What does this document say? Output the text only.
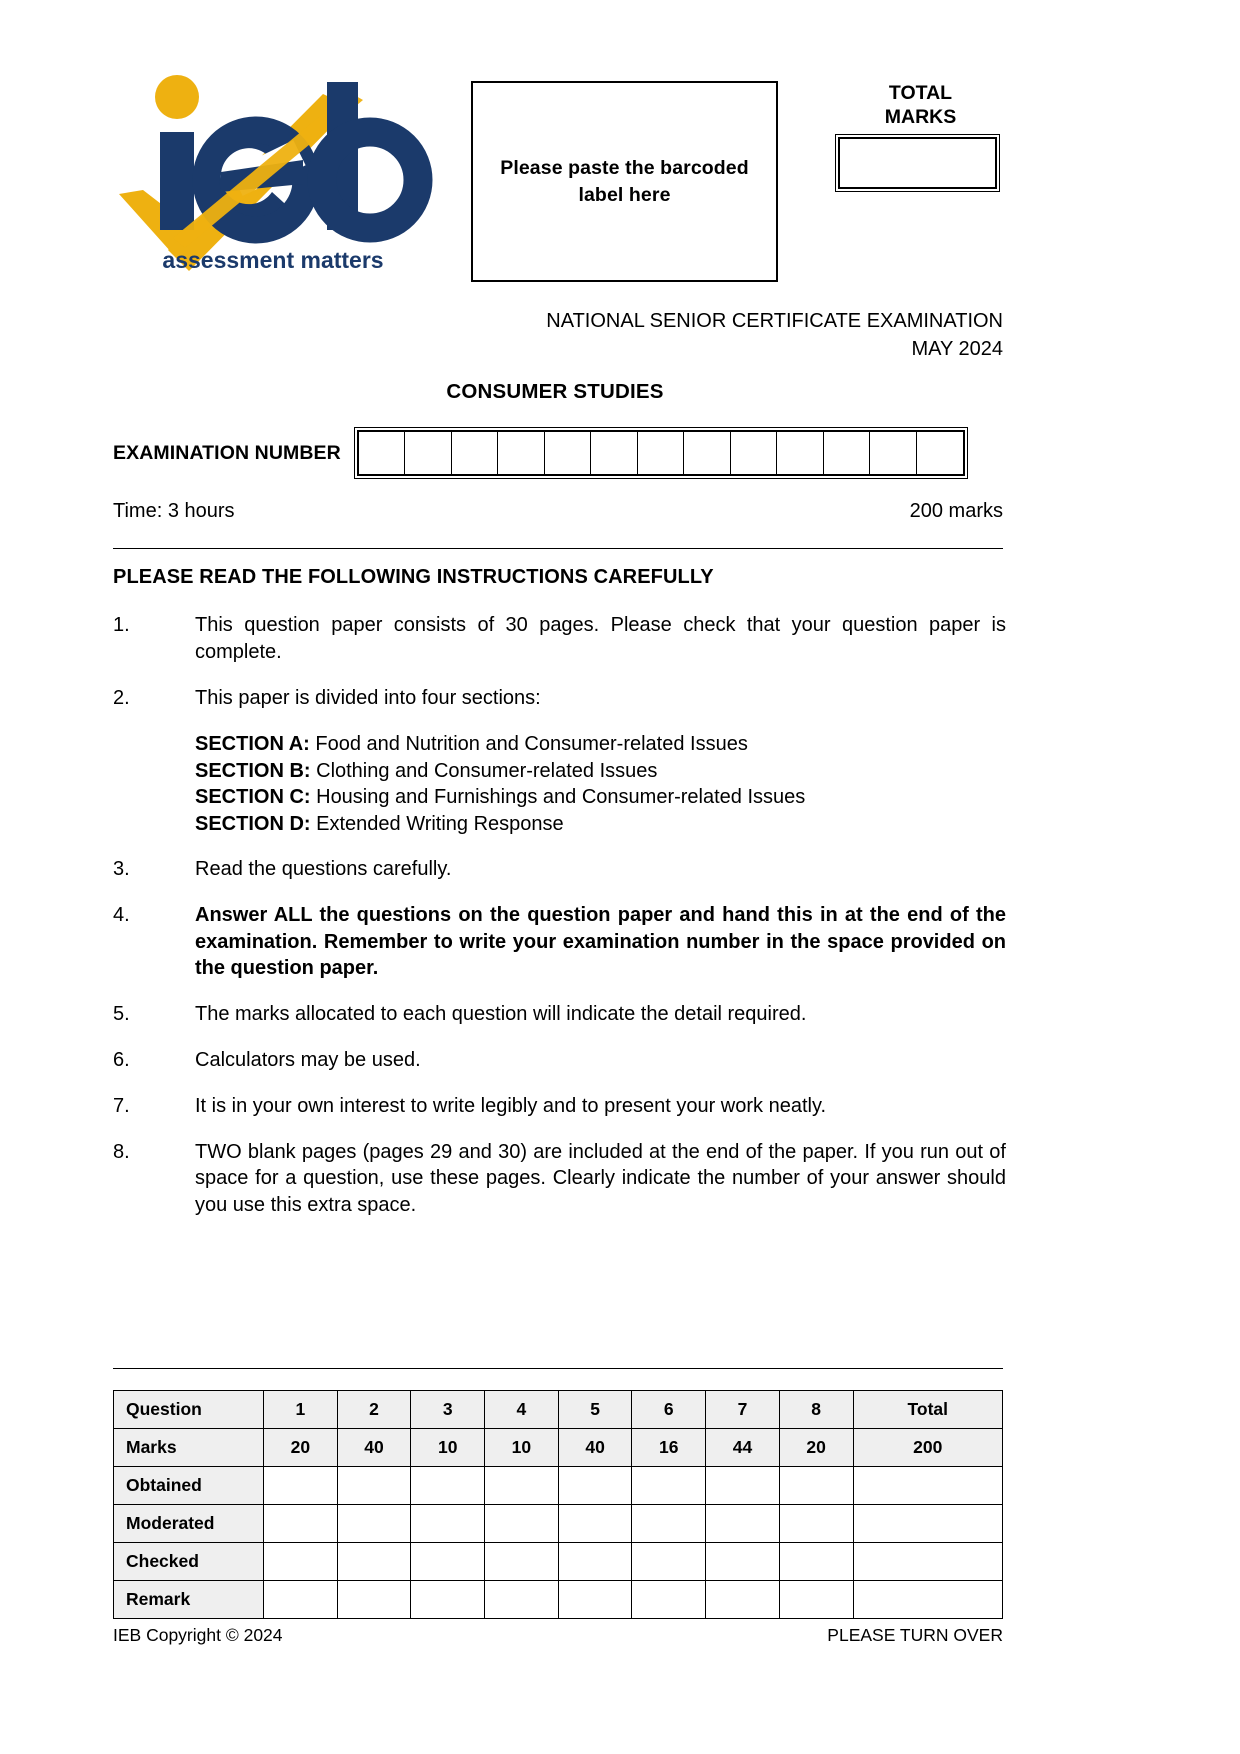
assessment matters
Please paste the barcoded
label here
TOTAL
MARKS
NATIONAL SENIOR CERTIFICATE EXAMINATION
MAY 2024
CONSUMER STUDIES
EXAMINATION NUMBER
Time: 3 hours	200 marks
PLEASE READ THE FOLLOWING INSTRUCTIONS CAREFULLY
1.	This question paper consists of 30 pages. Please check that your question paper is complete.
2.	This paper is divided into four sections:
SECTION A: Food and Nutrition and Consumer-related Issues
SECTION B: Clothing and Consumer-related Issues
SECTION C: Housing and Furnishings and Consumer-related Issues
SECTION D: Extended Writing Response
3.	Read the questions carefully.
4.	Answer ALL the questions on the question paper and hand this in at the end of the examination. Remember to write your examination number in the space provided on the question paper.
5.	The marks allocated to each question will indicate the detail required.
6.	Calculators may be used.
7.	It is in your own interest to write legibly and to present your work neatly.
8.	TWO blank pages (pages 29 and 30) are included at the end of the paper. If you run out of space for a question, use these pages. Clearly indicate the number of your answer should you use this extra space.
Question	1	2	3	4	5	6	7	8	Total
Marks	20	40	10	10	40	16	44	20	200
Obtained									
Moderated									
Checked									
Remark									
IEB Copyright © 2024	PLEASE TURN OVER
